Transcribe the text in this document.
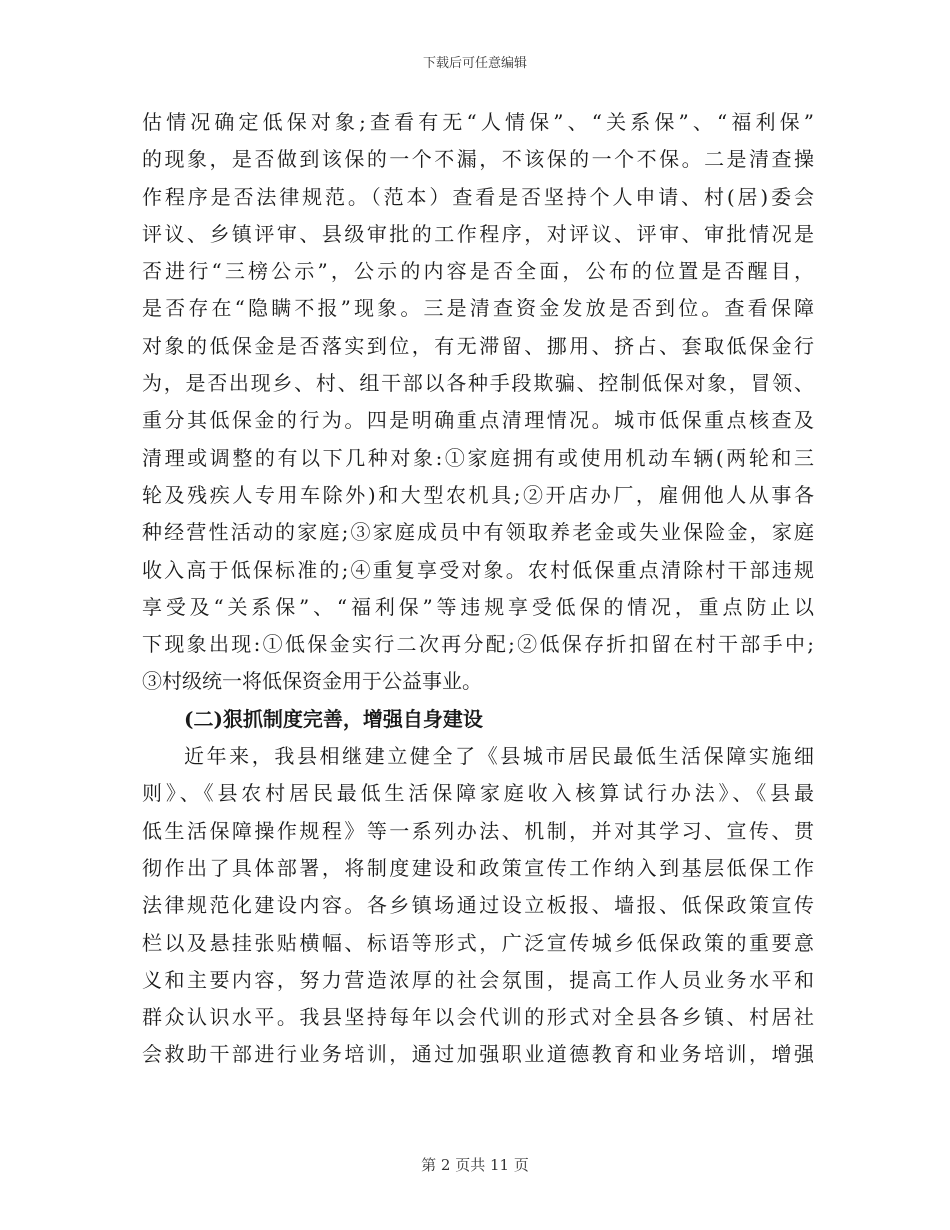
下载后可任意编辑
估情况确定低保对象;查看有无“人情保”、“关系保”、“福利保”
的现象，是否做到该保的一个不漏，不该保的一个不保。二是清查操
作程序是否法律规范。（范本）查看是否坚持个人申请、村(居)委会
评议、乡镇评审、县级审批的工作程序，对评议、评审、审批情况是
否进行“三榜公示”，公示的内容是否全面，公布的位置是否醒目，
是否存在“隐瞒不报”现象。三是清查资金发放是否到位。查看保障
对象的低保金是否落实到位，有无滞留、挪用、挤占、套取低保金行
为，是否出现乡、村、组干部以各种手段欺骗、控制低保对象，冒领、
重分其低保金的行为。四是明确重点清理情况。城市低保重点核查及
清理或调整的有以下几种对象:①家庭拥有或使用机动车辆(两轮和三
轮及残疾人专用车除外)和大型农机具;②开店办厂，雇佣他人从事各
种经营性活动的家庭;③家庭成员中有领取养老金或失业保险金，家庭
收入高于低保标准的;④重复享受对象。农村低保重点清除村干部违规
享受及“关系保”、“福利保”等违规享受低保的情况，重点防止以
下现象出现:①低保金实行二次再分配;②低保存折扣留在村干部手中;
③村级统一将低保资金用于公益事业。
(二)狠抓制度完善，增强自身建设
近年来，我县相继建立健全了《县城市居民最低生活保障实施细
则》、《县农村居民最低生活保障家庭收入核算试行办法》、《县最
低生活保障操作规程》等一系列办法、机制，并对其学习、宣传、贯
彻作出了具体部署，将制度建设和政策宣传工作纳入到基层低保工作
法律规范化建设内容。各乡镇场通过设立板报、墙报、低保政策宣传
栏以及悬挂张贴横幅、标语等形式，广泛宣传城乡低保政策的重要意
义和主要内容，努力营造浓厚的社会氛围，提高工作人员业务水平和
群众认识水平。我县坚持每年以会代训的形式对全县各乡镇、村居社
会救助干部进行业务培训，通过加强职业道德教育和业务培训，增强
第 2 页共 11 页
